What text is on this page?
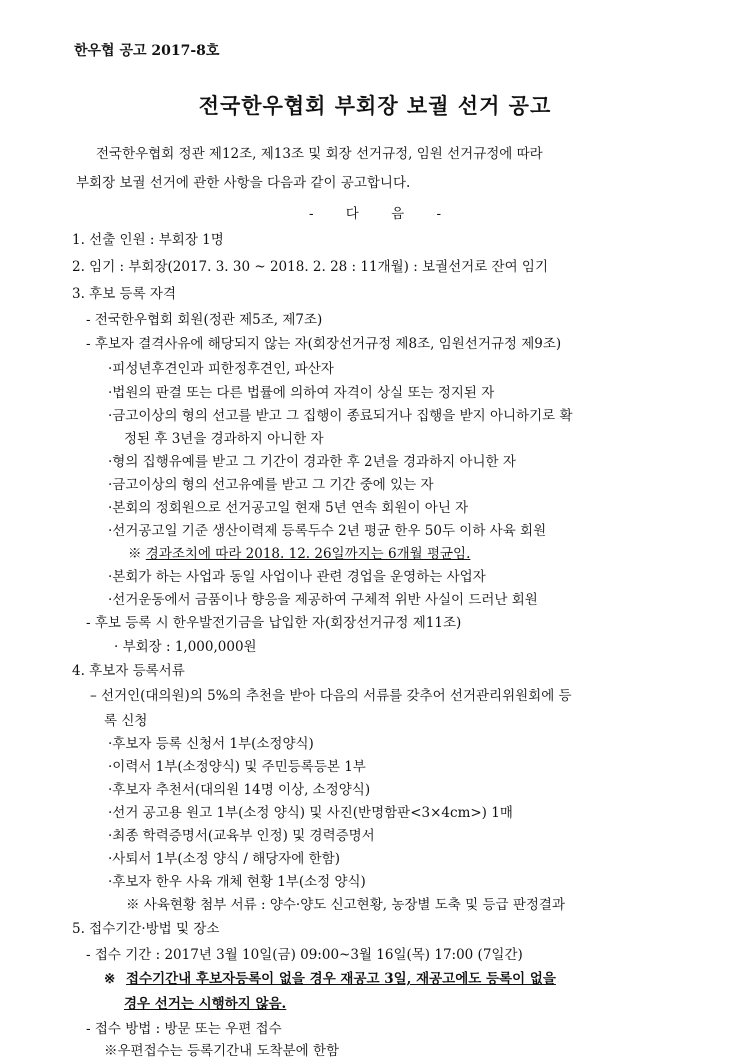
한우협 공고 2017-8호
전국한우협회 부회장 보궐 선거 공고
전국한우협회 정관 제12조, 제13조 및 회장 선거규정, 임원 선거규정에 따라
부회장 보궐 선거에 관한 사항을 다음과 같이 공고합니다.
- 다 음 -
1. 선출 인원 : 부회장 1명
2. 임기 : 부회장(2017. 3. 30 ~ 2018. 2. 28 : 11개월) : 보궐선거로 잔여 임기
3. 후보 등록 자격
- 전국한우협회 회원(정관 제5조, 제7조)
- 후보자 결격사유에 해당되지 않는 자(회장선거규정 제8조, 임원선거규정 제9조)
·피성년후견인과 피한정후견인, 파산자
·법원의 판결 또는 다른 법률에 의하여 자격이 상실 또는 정지된 자
·금고이상의 형의 선고를 받고 그 집행이 종료되거나 집행을 받지 아니하기로 확
정된 후 3년을 경과하지 아니한 자
·형의 집행유예를 받고 그 기간이 경과한 후 2년을 경과하지 아니한 자
·금고이상의 형의 선고유예를 받고 그 기간 중에 있는 자
·본회의 정회원으로 선거공고일 현재 5년 연속 회원이 아닌 자
·선거공고일 기준 생산이력제 등록두수 2년 평균 한우 50두 이하 사육 회원
※ 경과조치에 따라 2018. 12. 26일까지는 6개월 평균임.
·본회가 하는 사업과 동일 사업이나 관련 경업을 운영하는 사업자
·선거운동에서 금품이나 향응을 제공하여 구체적 위반 사실이 드러난 회원
- 후보 등록 시 한우발전기금을 납입한 자(회장선거규정 제11조)
· 부회장 : 1,000,000원
4. 후보자 등록서류
– 선거인(대의원)의 5%의 추천을 받아 다음의 서류를 갖추어 선거관리위원회에 등
록 신청
·후보자 등록 신청서 1부(소정양식)
·이력서 1부(소정양식) 및 주민등록등본 1부
·후보자 추천서(대의원 14명 이상, 소정양식)
·선거 공고용 원고 1부(소정 양식) 및 사진(반명함판<3×4cm>) 1매
·최종 학력증명서(교육부 인정) 및 경력증명서
·사퇴서 1부(소정 양식 / 해당자에 한함)
·후보자 한우 사육 개체 현황 1부(소정 양식)
※ 사육현황 첨부 서류 : 양수·양도 신고현황, 농장별 도축 및 등급 판정결과
5. 접수기간·방법 및 장소
- 접수 기간 : 2017년 3월 10일(금) 09:00~3월 16일(목) 17:00 (7일간)
※ 접수기간내 후보자등록이 없을 경우 재공고 3일, 재공고에도 등록이 없을
경우 선거는 시행하지 않음.
- 접수 방법 : 방문 또는 우편 접수
※우편접수는 등록기간내 도착분에 한함
